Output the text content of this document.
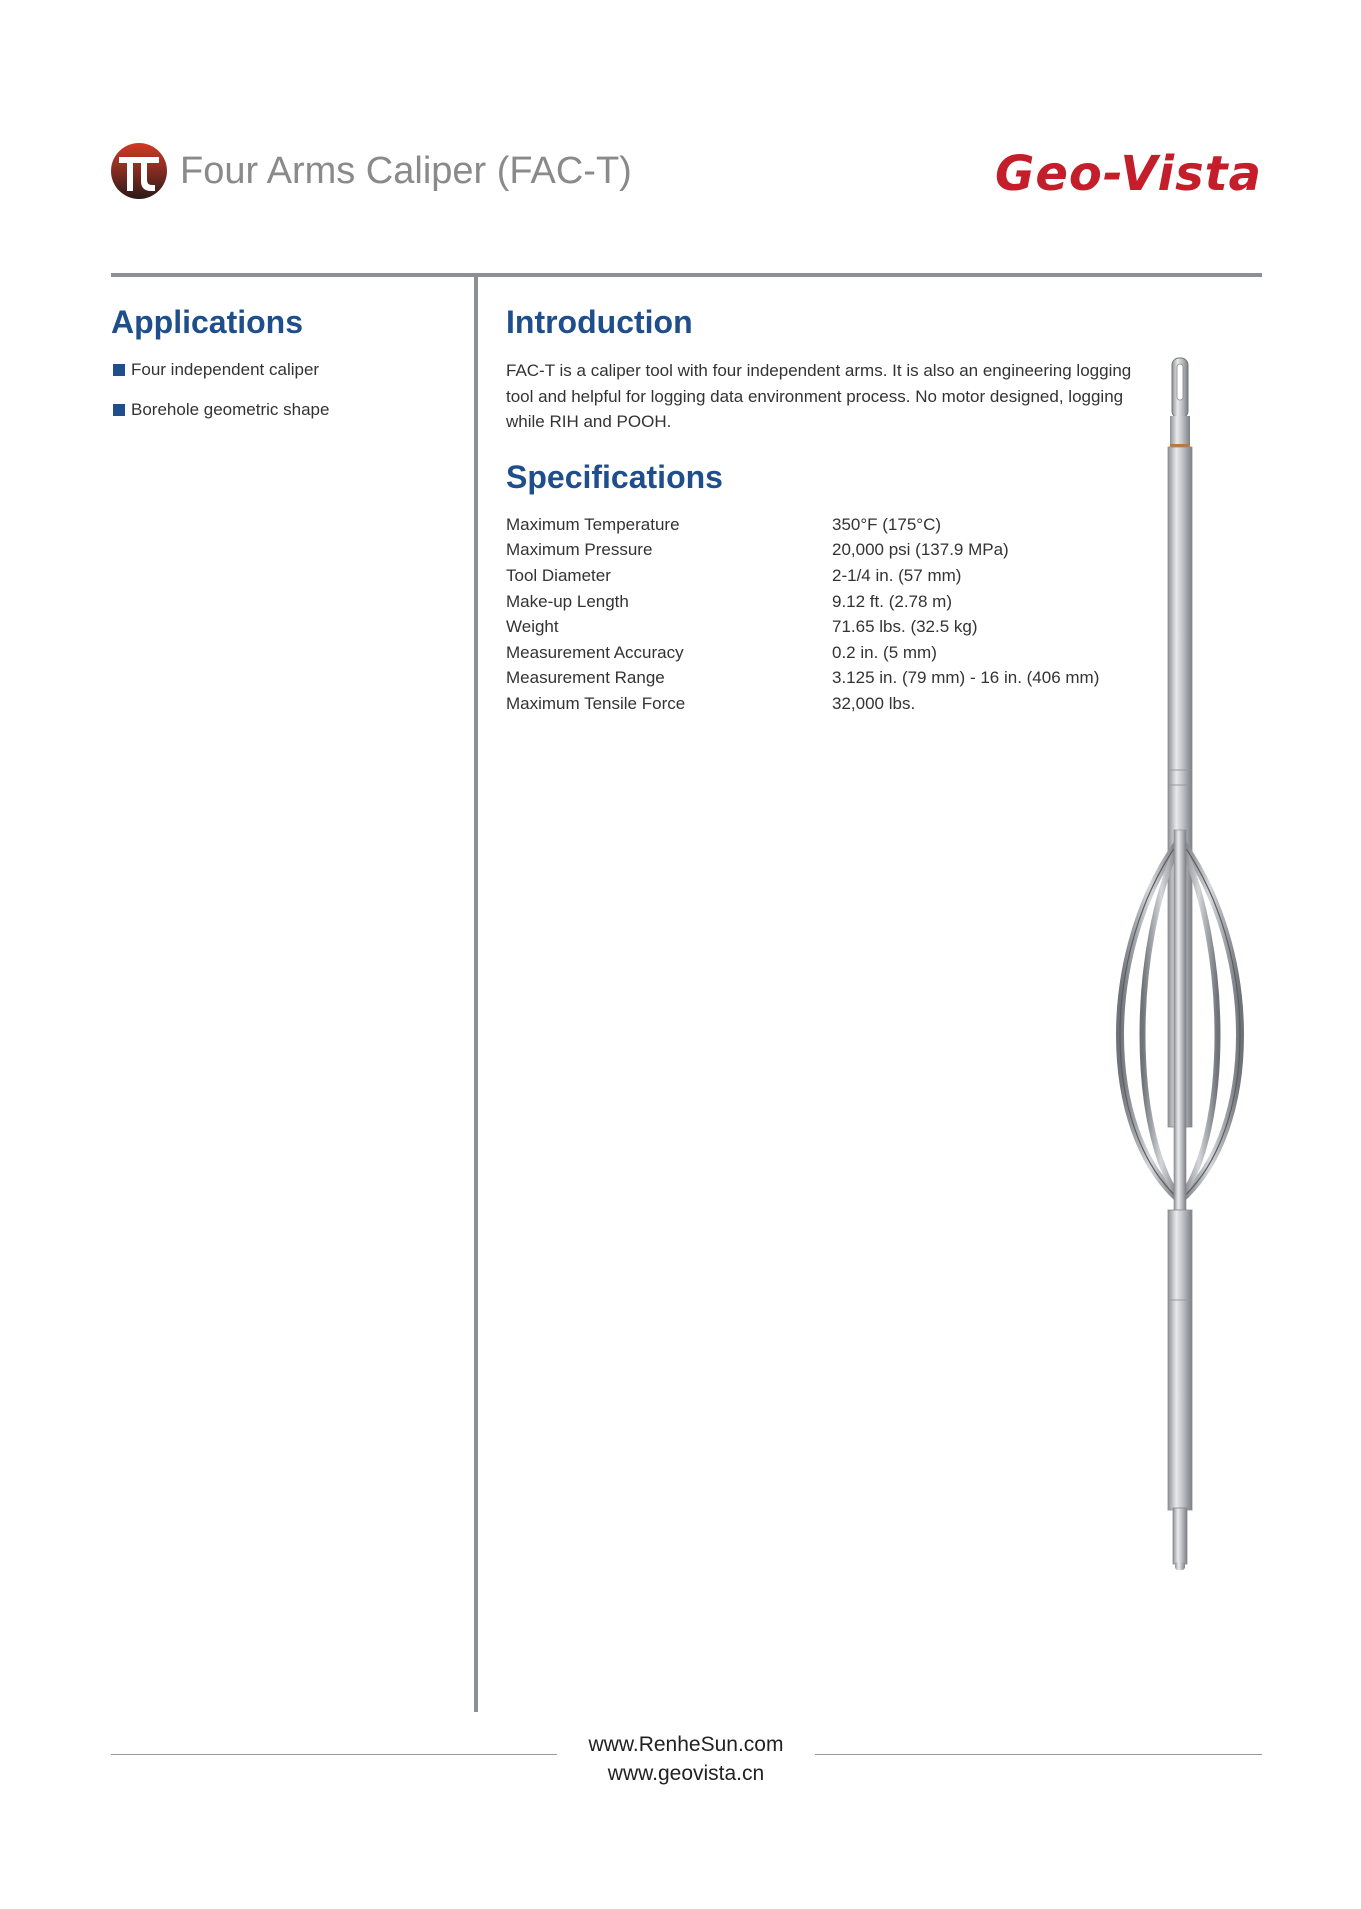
Four Arms Caliper (FAC-T)	Geo-Vista
Applications
Four independent caliper
Borehole geometric shape
Introduction
FAC-T is a caliper tool with four independent arms. It is also an engineering logging tool and helpful for logging data environment process. No motor designed, logging while RIH and POOH.
Specifications
Maximum Temperature	350°F (175°C)
Maximum Pressure	20,000 psi (137.9 MPa)
Tool Diameter	2-1/4 in. (57 mm)
Make-up Length	9.12 ft. (2.78 m)
Weight	71.65 lbs. (32.5 kg)
Measurement Accuracy	0.2 in. (5 mm)
Measurement Range	3.125 in. (79 mm) - 16 in. (406 mm)
Maximum Tensile Force	32,000 lbs.
www.RenheSun.com
www.geovista.cn
